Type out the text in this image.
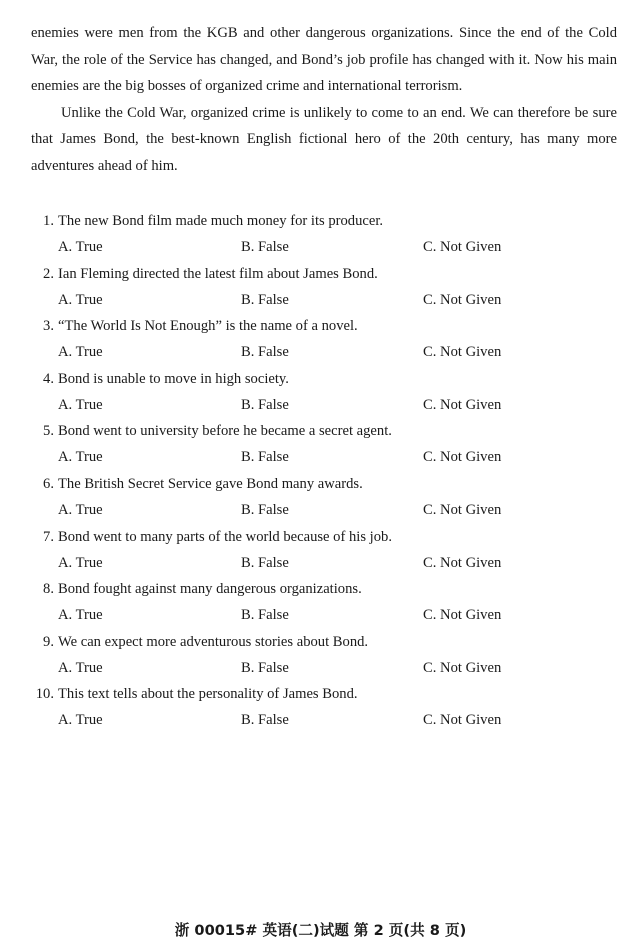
enemies were men from the KGB and other dangerous organizations. Since the end of the Cold War, the role of the Service has changed, and Bond’s job profile has changed with it. Now his main enemies are the big bosses of organized crime and international terrorism.

Unlike the Cold War, organized crime is unlikely to come to an end. We can therefore be sure that James Bond, the best-known English fictional hero of the 20th century, has many more adventures ahead of him.

1. The new Bond film made much money for its producer.
A. True	B. False	C. Not Given
2. Ian Fleming directed the latest film about James Bond.
A. True	B. False	C. Not Given
3. “The World Is Not Enough” is the name of a novel.
A. True	B. False	C. Not Given
4. Bond is unable to move in high society.
A. True	B. False	C. Not Given
5. Bond went to university before he became a secret agent.
A. True	B. False	C. Not Given
6. The British Secret Service gave Bond many awards.
A. True	B. False	C. Not Given
7. Bond went to many parts of the world because of his job.
A. True	B. False	C. Not Given
8. Bond fought against many dangerous organizations.
A. True	B. False	C. Not Given
9. We can expect more adventurous stories about Bond.
A. True	B. False	C. Not Given
10. This text tells about the personality of James Bond.
A. True	B. False	C. Not Given
浙 00015# 英语(二)试题 第 2 页(共 8 页)
